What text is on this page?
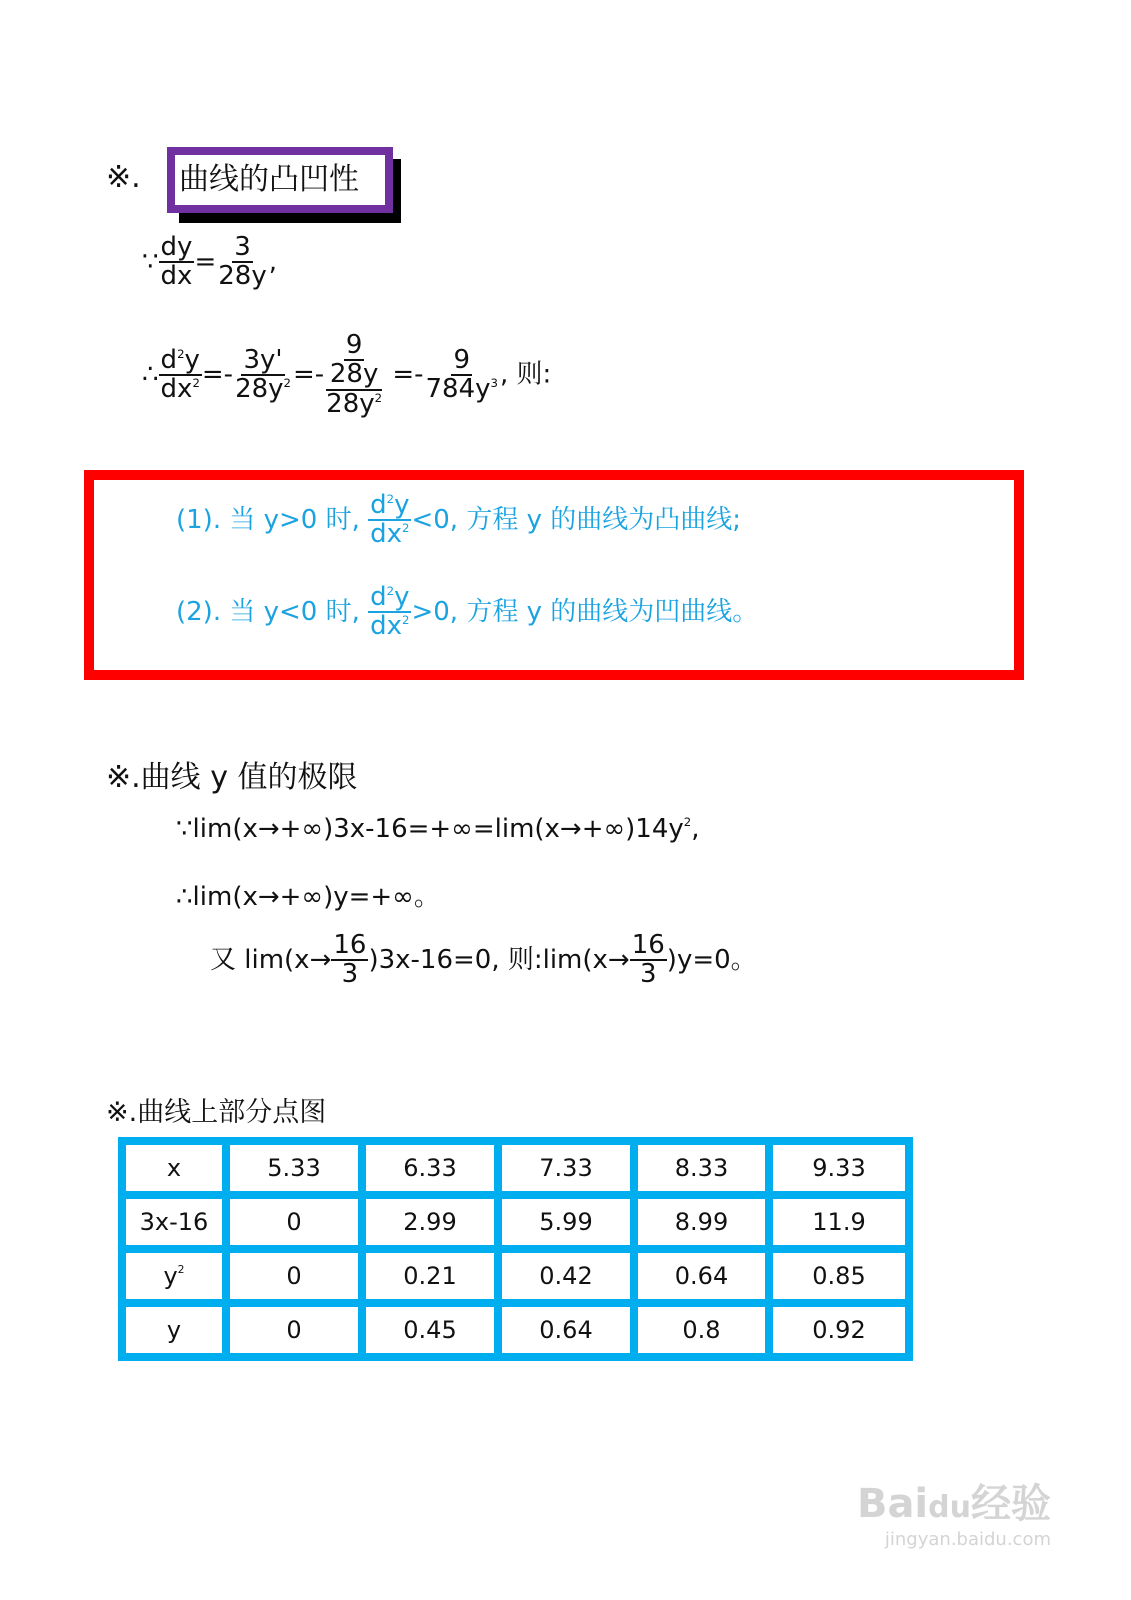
※.	曲线的凸凹性
∵ $\frac{dy}{dx} = \frac{3}{28y}$ ,
∴ $\frac{d^2y}{dx^2} =- \frac{3y'}{28y^2} =- \frac{\frac{9}{28y}}{28y^2} =- \frac{9}{784y^3}$ , 则:
(1). 当 y>0 时, $\frac{d^2y}{dx^2} <0$, 方程 y 的曲线为凸曲线;
(2). 当 y<0 时, $\frac{d^2y}{dx^2} >0$, 方程 y 的曲线为凹曲线。
※.曲线 y 值的极限
$\because\lim(x\to+\infty)3x-16=+\infty=\lim(x\to+\infty)14y^2$,
∴lim(x→+∞)y=+∞。
又 $\lim(x\to \frac{16}{3} )3x-16=0$, 则:lim(x→ $\frac{16}{3} )y=0$。
※.曲线上部分点图
x	5.33	6.33	7.33	8.33	9.33
3x-16	0	2.99	5.99	8.99	11.9
$y^2$	0	0.21	0.42	0.64	0.85
y	0	0.45	0.64	0.8	0.92
Baidu经验
jingyan.baidu.com
